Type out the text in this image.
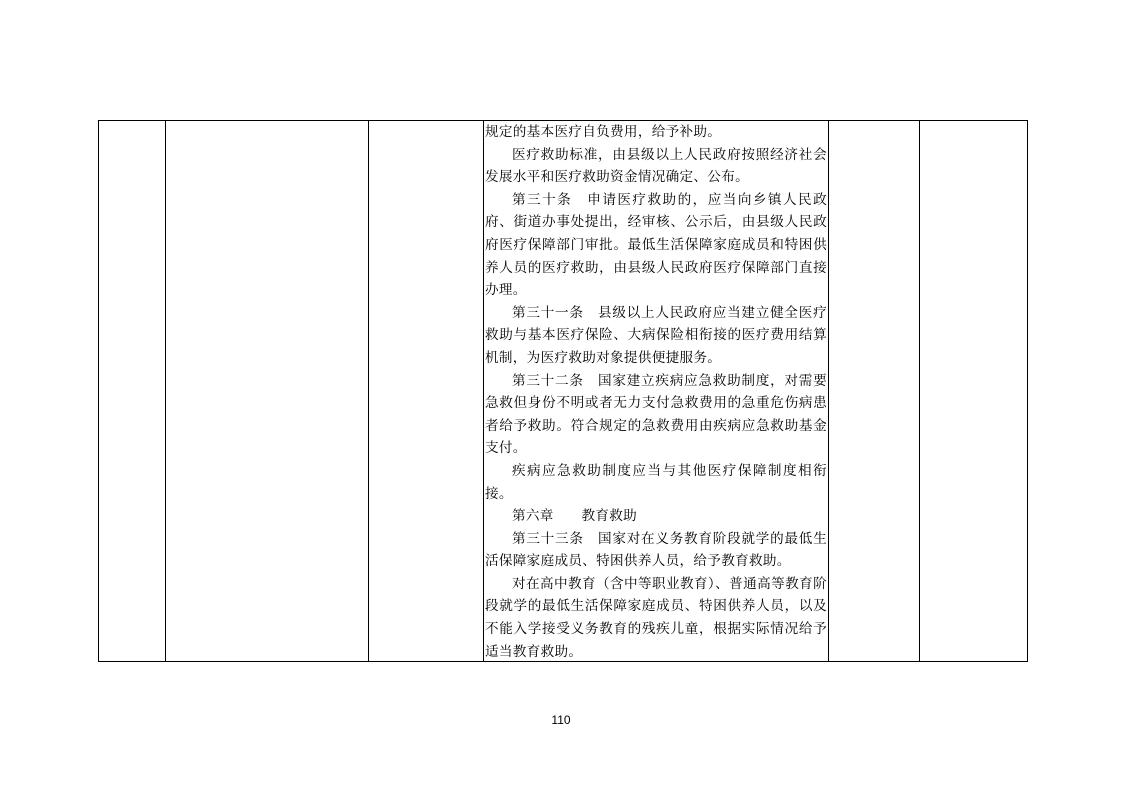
规定的基本医疗自负费用，给予补助。

医疗救助标准，由县级以上人民政府按照经济社会发展水平和医疗救助资金情况确定、公布。

第三十条　申请医疗救助的，应当向乡镇人民政府、街道办事处提出，经审核、公示后，由县级人民政府医疗保障部门审批。最低生活保障家庭成员和特困供养人员的医疗救助，由县级人民政府医疗保障部门直接办理。

第三十一条　县级以上人民政府应当建立健全医疗救助与基本医疗保险、大病保险相衔接的医疗费用结算机制，为医疗救助对象提供便捷服务。

第三十二条　国家建立疾病应急救助制度，对需要急救但身份不明或者无力支付急救费用的急重危伤病患者给予救助。符合规定的急救费用由疾病应急救助基金支付。

疾病应急救助制度应当与其他医疗保障制度相衔接。

第六章　　教育救助

第三十三条　国家对在义务教育阶段就学的最低生活保障家庭成员、特困供养人员，给予教育救助。

对在高中教育（含中等职业教育）、普通高等教育阶段就学的最低生活保障家庭成员、特困供养人员，以及不能入学接受义务教育的残疾儿童，根据实际情况给予适当教育救助。

110
